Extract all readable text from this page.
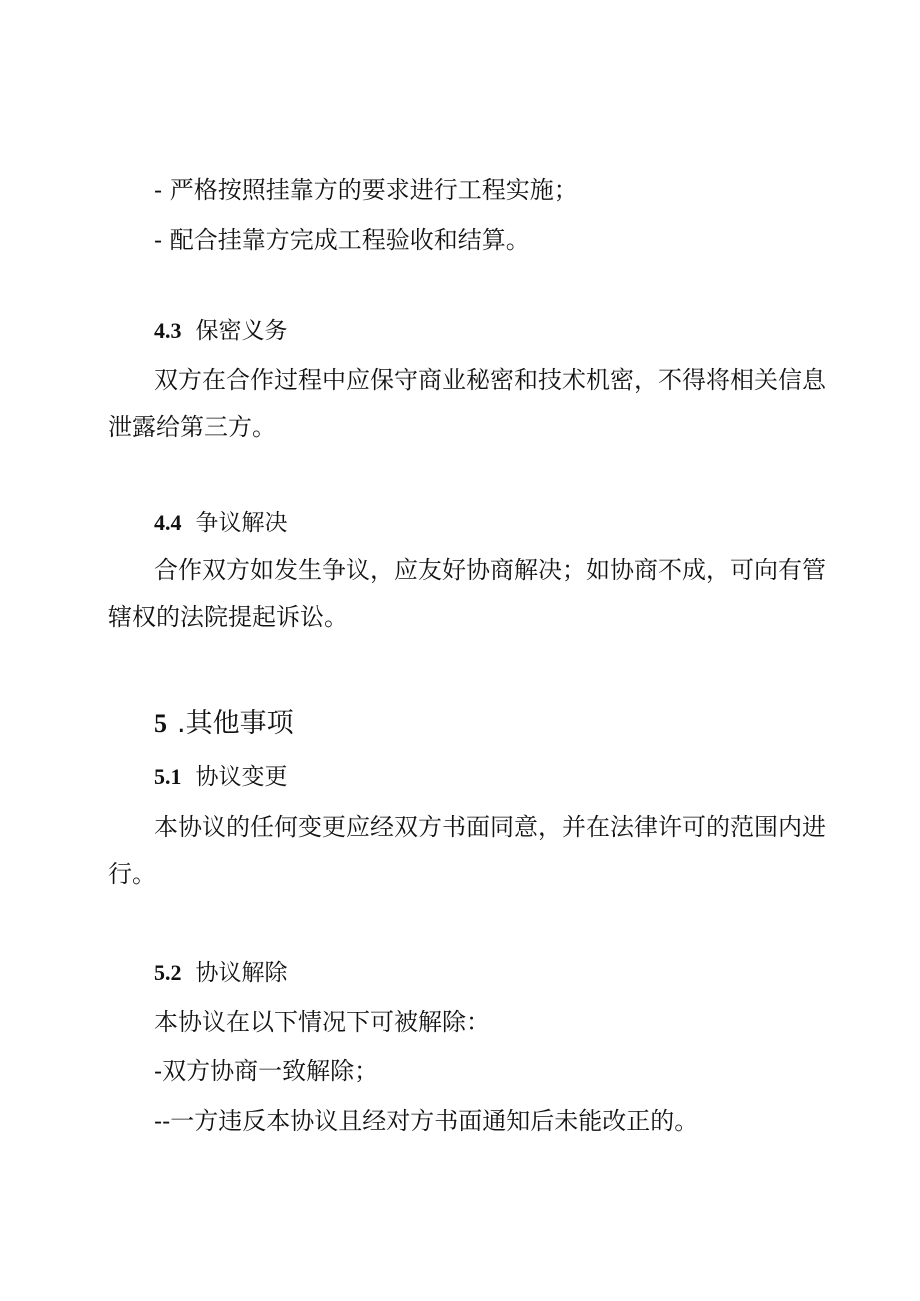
- 严格按照挂靠方的要求进行工程实施；
- 配合挂靠方完成工程验收和结算。
4.3 保密义务
双方在合作过程中应保守商业秘密和技术机密，不得将相关信息
泄露给第三方。
4.4 争议解决
合作双方如发生争议，应友好协商解决；如协商不成，可向有管
辖权的法院提起诉讼。
5 .其他事项
5.1 协议变更
本协议的任何变更应经双方书面同意，并在法律许可的范围内进
行。
5.2 协议解除
本协议在以下情况下可被解除：
-双方协商一致解除；
--一方违反本协议且经对方书面通知后未能改正的。
